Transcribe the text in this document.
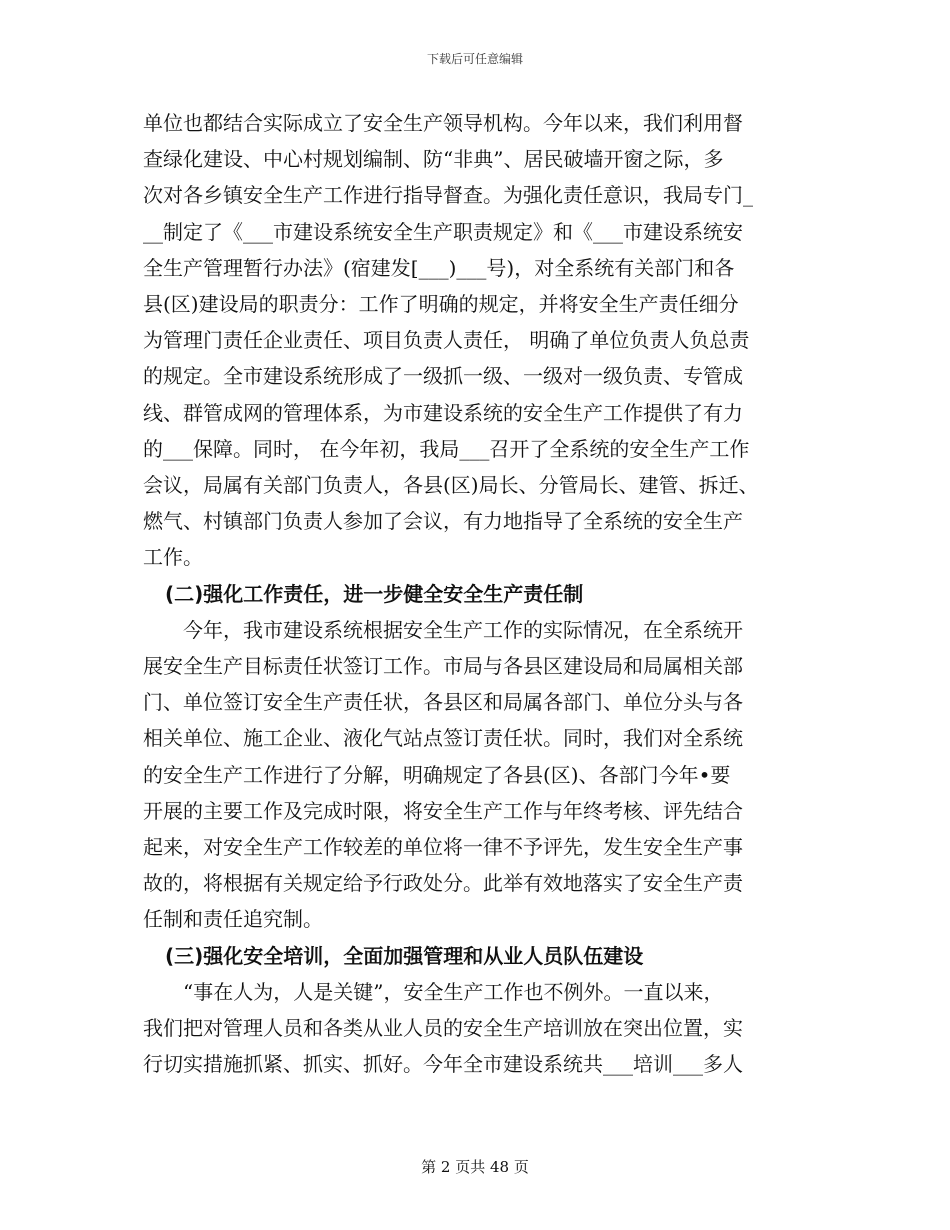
下载后可任意编辑

单位也都结合实际成立了安全生产领导机构。今年以来，我们利用督
查绿化建设、中心村规划编制、防“非典”、居民破墙开窗之际，多
次对各乡镇安全生产工作进行指导督查。为强化责任意识，我局专门_
__制定了《___市建设系统安全生产职责规定》和《___市建设系统安
全生产管理暂行办法》(宿建发[___)___号)，对全系统有关部门和各
县(区)建设局的职责分：工作了明确的规定，并将安全生产责任细分
为管理门责任企业责任、项目负责人责任， 明确了单位负责人负总责
的规定。全市建设系统形成了一级抓一级、一级对一级负责、专管成
线、群管成网的管理体系，为市建设系统的安全生产工作提供了有力
的___保障。同时， 在今年初，我局___召开了全系统的安全生产工作
会议，局属有关部门负责人，各县(区)局长、分管局长、建管、拆迁、
燃气、村镇部门负责人参加了会议，有力地指导了全系统的安全生产
工作。

(二)强化工作责任，进一步健全安全生产责任制

　　今年，我市建设系统根据安全生产工作的实际情况，在全系统开
展安全生产目标责任状签订工作。市局与各县区建设局和局属相关部
门、单位签订安全生产责任状，各县区和局属各部门、单位分头与各
相关单位、施工企业、液化气站点签订责任状。同时，我们对全系统
的安全生产工作进行了分解，明确规定了各县(区)、各部门今年•要
开展的主要工作及完成时限，将安全生产工作与年终考核、评先结合
起来，对安全生产工作较差的单位将一律不予评先，发生安全生产事
故的，将根据有关规定给予行政处分。此举有效地落实了安全生产责
任制和责任追究制。

(三)强化安全培训，全面加强管理和从业人员队伍建设

　　“事在人为，人是关键”，安全生产工作也不例外。一直以来，
我们把对管理人员和各类从业人员的安全生产培训放在突出位置，实
行切实措施抓紧、抓实、抓好。今年全市建设系统共___培训___多人

第 2 页共 48 页
